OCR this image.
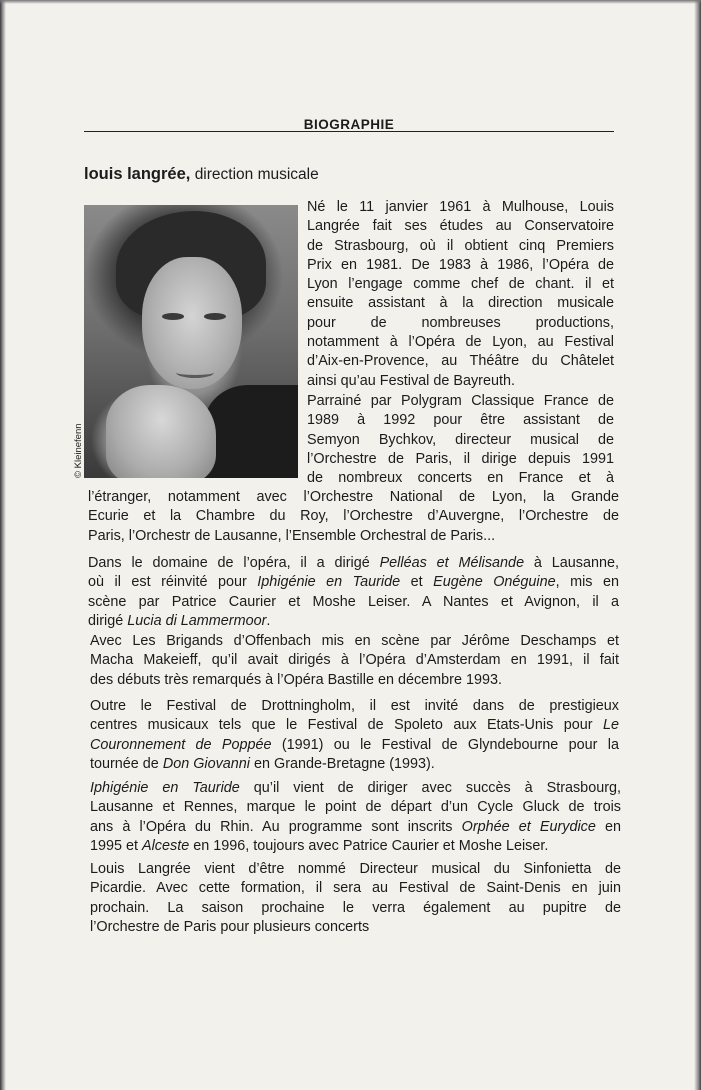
BIOGRAPHIE
louis langrée, direction musicale
© Kleinefenn
Né le 11 janvier 1961 à Mulhouse, Louis
Langrée fait ses études au Conservatoire
de Strasbourg, où il obtient cinq Premiers
Prix en 1981. De 1983 à 1986, l’Opéra de
Lyon l’engage comme chef de chant. il et
ensuite assistant à la direction musicale
pour de nombreuses productions,
notamment à l’Opéra de Lyon, au Festival
d’Aix-en-Provence, au Théâtre du Châtelet
ainsi qu’au Festival de Bayreuth.
Parrainé par Polygram Classique France de
1989 à 1992 pour être assistant de
Semyon Bychkov, directeur musical de
l’Orchestre de Paris, il dirige depuis 1991
de nombreux concerts en France et à
l’étranger, notamment avec l’Orchestre National de Lyon, la Grande
Ecurie et la Chambre du Roy, l’Orchestre d’Auvergne, l’Orchestre de
Paris, l’Orchestr de Lausanne, l’Ensemble Orchestral de Paris...
Dans le domaine de l’opéra, il a dirigé Pelléas et Mélisande à Lausanne,
où il est réinvité pour Iphigénie en Tauride et Eugène Onéguine, mis en
scène par Patrice Caurier et Moshe Leiser. A Nantes et Avignon, il a
dirigé Lucia di Lammermoor.
Avec Les Brigands d’Offenbach mis en scène par Jérôme Deschamps et
Macha Makeieff, qu’il avait dirigés à l’Opéra d’Amsterdam en 1991, il fait
des débuts très remarqués à l’Opéra Bastille en décembre 1993.
Outre le Festival de Drottningholm, il est invité dans de prestigieux
centres musicaux tels que le Festival de Spoleto aux Etats-Unis pour Le
Couronnement de Poppée (1991) ou le Festival de Glyndebourne pour la
tournée de Don Giovanni en Grande-Bretagne (1993).
Iphigénie en Tauride qu’il vient de diriger avec succès à Strasbourg,
Lausanne et Rennes, marque le point de départ d’un Cycle Gluck de trois
ans à l’Opéra du Rhin. Au programme sont inscrits Orphée et Eurydice en
1995 et Alceste en 1996, toujours avec Patrice Caurier et Moshe Leiser.
Louis Langrée vient d’être nommé Directeur musical du Sinfonietta de
Picardie. Avec cette formation, il sera au Festival de Saint-Denis en juin
prochain. La saison prochaine le verra également au pupitre de
l’Orchestre de Paris pour plusieurs concerts
